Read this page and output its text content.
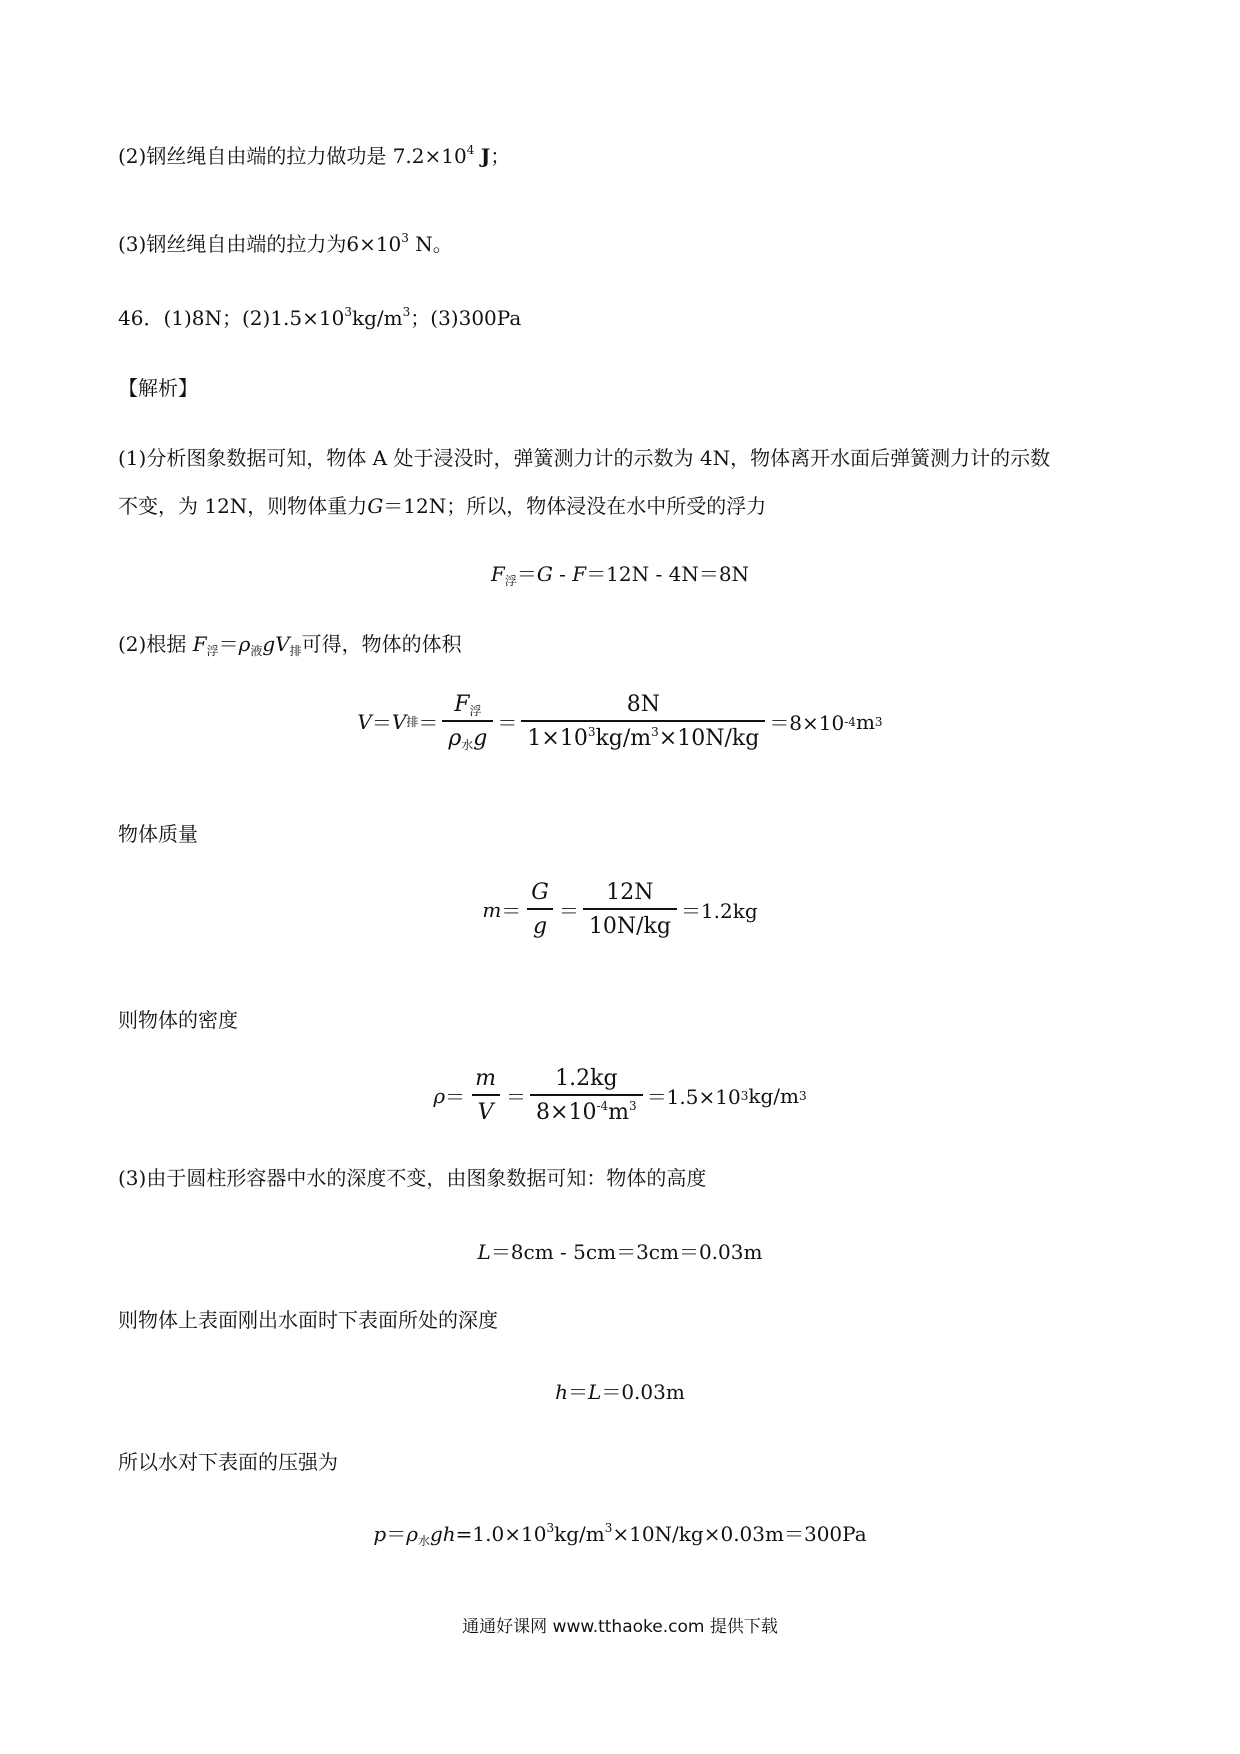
(2)钢丝绳自由端的拉力做功是 $7.2\times 10^4$ J；
(3)钢丝绳自由端的拉力为$6\times 10^3$ N。
46．(1)8N；$(2)1.5\times 10^3kg/m^3$；(3)300Pa
【解析】
(1)分析图象数据可知，物体 A 处于浸没时，弹簧测力计的示数为 4N，物体离开水面后弹簧测力计的示数
不变，为 12N，则物体重力G＝12N；所以，物体浸没在水中所受的浮力
$F_浮=G - F=12N - 4N=8N$
(2)根据 $F_浮=\rho_液gV_排$可得，物体的体积
V ＝ V 排 ＝ $\frac{F_浮}{\rho_水g} = \frac{8N}{1\times 10^3kg/m^3\times 10N/kg} =8\times 10$ -4 m 3
物体质量
$m = \frac{G}{g} = \frac{12N}{10N/kg} =1.2kg$
则物体的密度
$\rho = \frac{m}{V} = \frac{1.2kg}{8\times 10^{-4}m^3} =1.5\times 10$ 3 kg/m 3
(3)由于圆柱形容器中水的深度不变，由图象数据可知：物体的高度
L＝8cm - 5cm＝3cm＝0.03m
则物体上表面刚出水面时下表面所处的深度
h＝L＝0.03m
所以水对下表面的压强为
$p=\rho_水gh=1.0\times 10^3kg/m^3\times 10N/kg\times 0.03m=300Pa$
通通好课网 www.tthaoke.com 提供下载
